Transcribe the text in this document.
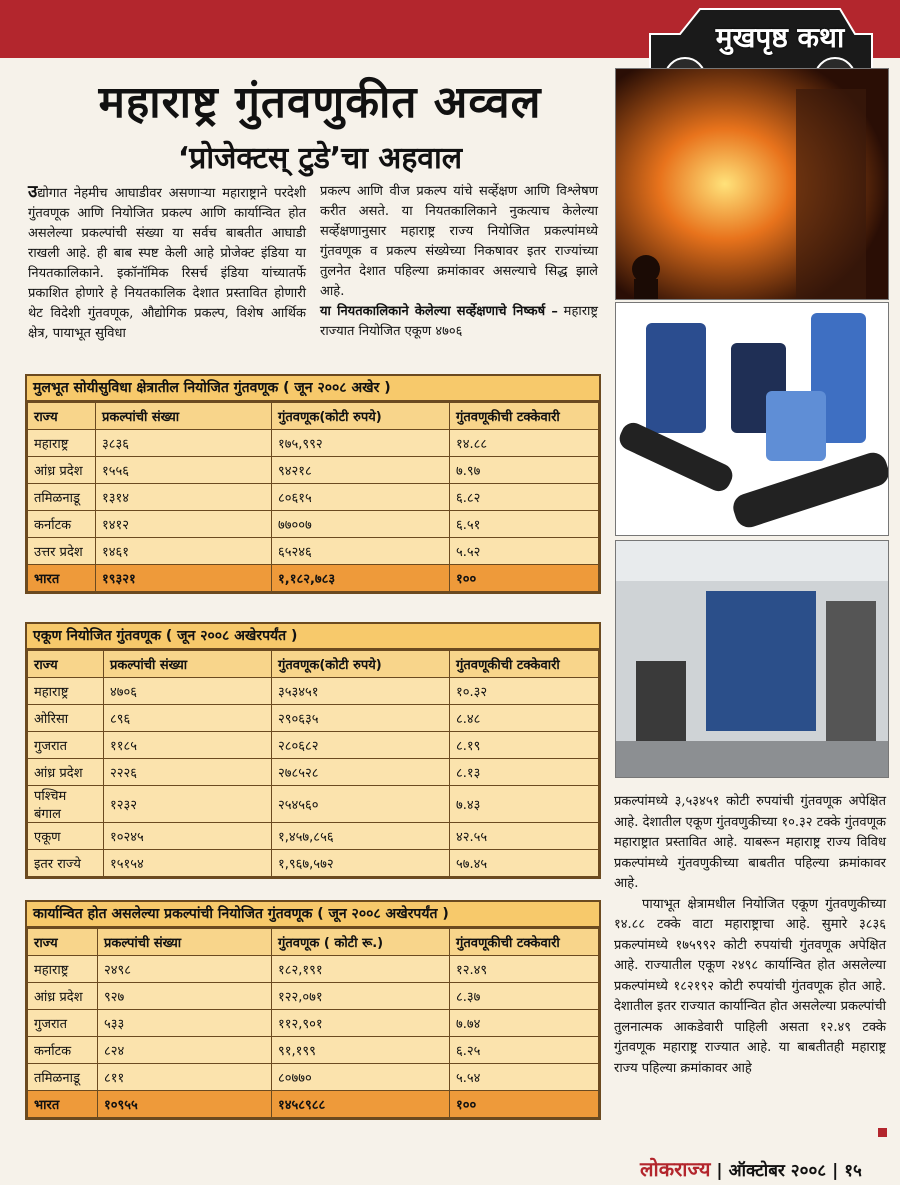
मुखपृष्ठ कथा
महाराष्ट्र गुंतवणुकीत अव्वल
‘प्रोजेक्टस् टुडे’चा अहवाल

उद्योगात नेहमीच आघाडीवर असणाऱ्या महाराष्ट्राने परदेशी गुंतवणूक आणि नियोजित प्रकल्प आणि कार्यान्वित होत असलेल्या प्रकल्पांची संख्या या सर्वच बाबतीत आघाडी राखली आहे. ही बाब स्पष्ट केली आहे प्रोजेक्ट इंडिया या नियतकालिकाने. इकॉनॉमिक रिसर्च इंडिया यांच्यातर्फे प्रकाशित होणारे हे नियतकालिक देशात प्रस्तावित होणारी थेट विदेशी गुंतवणूक, औद्योगिक प्रकल्प, विशेष आर्थिक क्षेत्र, पायाभूत सुविधा

प्रकल्प आणि वीज प्रकल्प यांचे सर्व्हेक्षण आणि विश्लेषण करीत असते. या नियतकालिकाने नुकत्याच केलेल्या सर्व्हेक्षणानुसार महाराष्ट्र राज्य नियोजित प्रकल्पांमध्ये गुंतवणूक व प्रकल्प संख्येच्या निकषावर इतर राज्यांच्या तुलनेत देशात पहिल्या क्रमांकावर असल्याचे सिद्ध झाले आहे.

या नियतकालिकाने केलेल्या सर्व्हेक्षणाचे निष्कर्ष – महाराष्ट्र राज्यात नियोजित एकूण ४७०६

मुलभूत सोयीसुविधा क्षेत्रातील नियोजित गुंतवणूक ( जून २००८ अखेर )
राज्य	प्रकल्पांची संख्या	गुंतवणूक(कोटी रुपये)	गुंतवणूकीची टक्केवारी
महाराष्ट्र	३८३६	१७५,९९२	१४.८८
आंध्र प्रदेश	१५५६	९४२१८	७.९७
तमिळनाडू	१३१४	८०६१५	६.८२
कर्नाटक	१४१२	७७००७	६.५१
उत्तर प्रदेश	१४६१	६५२४६	५.५२
भारत	१९३२१	१,१८२,७८३	१००
एकूण नियोजित गुंतवणूक ( जून २००८ अखेरपर्यंत )
राज्य	प्रकल्पांची संख्या	गुंतवणूक(कोटी रुपये)	गुंतवणूकीची टक्केवारी
महाराष्ट्र	४७०६	३५३४५१	१०.३२
ओरिसा	८९६	२९०६३५	८.४८
गुजरात	११८५	२८०६८२	८.१९
आंध्र प्रदेश	२२२६	२७८५२८	८.१३
पश्चिम बंगाल	१२३२	२५४५६०	७.४३
एकूण	१०२४५	१,४५७,८५६	४२.५५
इतर राज्ये	१५१५४	१,९६७,५७२	५७.४५
कार्यान्वित होत असलेल्या प्रकल्पांची नियोजित गुंतवणूक ( जून २००८ अखेरपर्यंत )
राज्य	प्रकल्पांची संख्या	गुंतवणूक ( कोटी रू.)	गुंतवणूकीची टक्केवारी
महाराष्ट्र	२४९८	१८२,१९१	१२.४९
आंध्र प्रदेश	९२७	१२२,०७१	८.३७
गुजरात	५३३	११२,९०१	७.७४
कर्नाटक	८२४	९१,१९९	६.२५
तमिळनाडू	८११	८०७७०	५.५४
भारत	१०९५५	१४५८९८८	१००

प्रकल्पांमध्ये ३,५३४५१ कोटी रुपयांची गुंतवणूक अपेक्षित आहे. देशातील एकूण गुंतवणुकीच्या १०.३२ टक्के गुंतवणूक महाराष्ट्रात प्रस्तावित आहे. याबरून महाराष्ट्र राज्य विविध प्रकल्पांमध्ये गुंतवणुकीच्या बाबतीत पहिल्या क्रमांकावर आहे.

पायाभूत क्षेत्रामधील नियोजित एकूण गुंतवणुकीच्या १४.८८ टक्के वाटा महाराष्ट्राचा आहे. सुमारे ३८३६ प्रकल्पांमध्ये १७५९९२ कोटी रुपयांची गुंतवणूक अपेक्षित आहे. राज्यातील एकूण २४९८ कार्यान्वित होत असलेल्या प्रकल्पांमध्ये १८२१९२ कोटी रुपयांची गुंतवणूक होत आहे. देशातील इतर राज्यात कार्यान्वित होत असलेल्या प्रकल्पांची तुलनात्मक आकडेवारी पाहिली असता १२.४९ टक्के गुंतवणूक महाराष्ट्र राज्यात आहे. या बाबतीतही महाराष्ट्र राज्य पहिल्या क्रमांकावर आहे

लोकराज्य | ऑक्टोबर २००८ | १५
